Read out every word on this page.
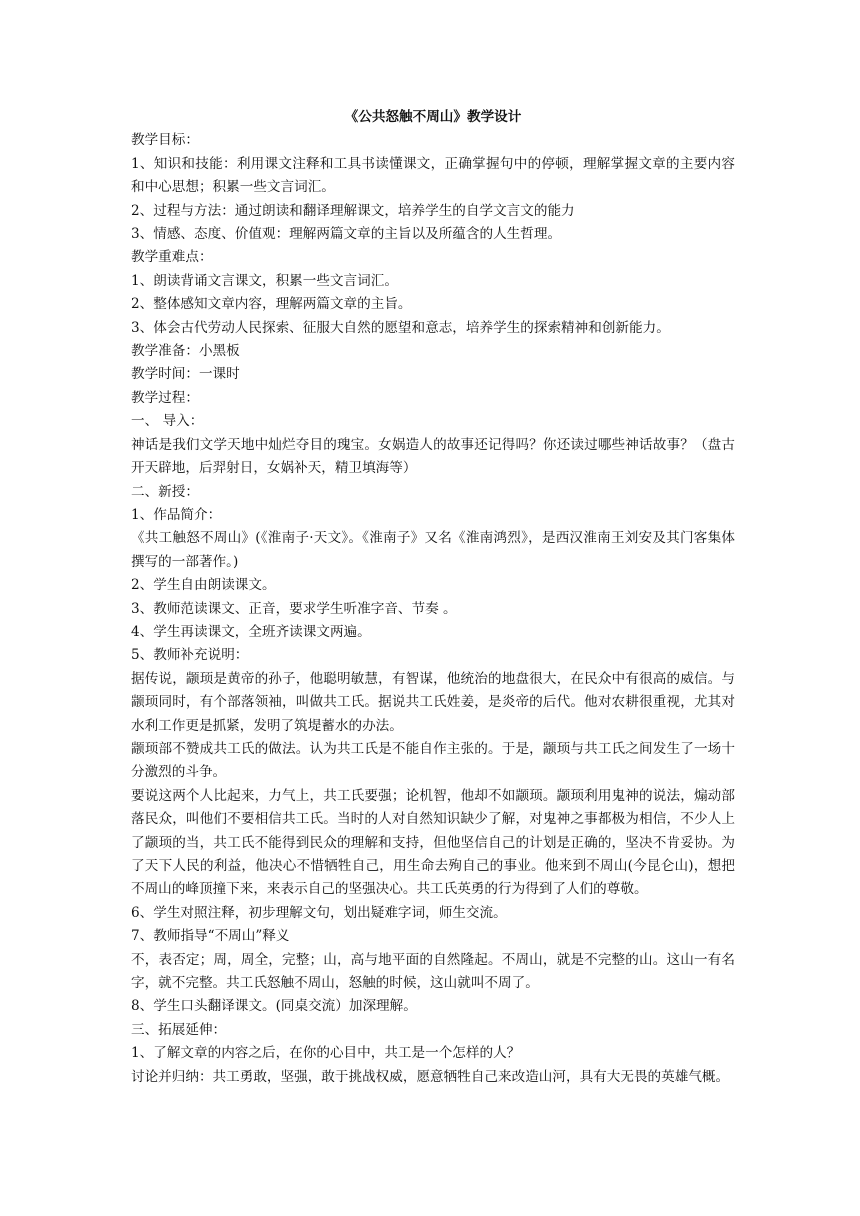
《公共怒触不周山》教学设计

教学目标：

1、知识和技能：利用课文注释和工具书读懂课文，正确掌握句中的停顿，理解掌握文章的主要内容和中心思想；积累一些文言词汇。

2、过程与方法：通过朗读和翻译理解课文，培养学生的自学文言文的能力

3、情感、态度、价值观：理解两篇文章的主旨以及所蕴含的人生哲理。

教学重难点：

1、朗读背诵文言课文，积累一些文言词汇。

2、整体感知文章内容，理解两篇文章的主旨。

3、体会古代劳动人民探索、征服大自然的愿望和意志，培养学生的探索精神和创新能力。

教学准备：小黑板

教学时间：一课时

教学过程：

一、 导入：

神话是我们文学天地中灿烂夺目的瑰宝。女娲造人的故事还记得吗？你还读过哪些神话故事？（盘古开天辟地，后羿射日，女娲补天，精卫填海等）

二、新授：

1、作品简介：

《共工触怒不周山》(《淮南子·天文》。《淮南子》又名《淮南鸿烈》，是西汉淮南王刘安及其门客集体撰写的一部著作。)

2、学生自由朗读课文。

3、教师范读课文、正音，要求学生听准字音、节奏 。

4、学生再读课文，全班齐读课文两遍。

5、教师补充说明：

据传说，颛顼是黄帝的孙子，他聪明敏慧，有智谋，他统治的地盘很大，在民众中有很高的威信。与颛顼同时，有个部落领袖，叫做共工氏。据说共工氏姓姜，是炎帝的后代。他对农耕很重视，尤其对水利工作更是抓紧，发明了筑堤蓄水的办法。

颛顼部不赞成共工氏的做法。认为共工氏是不能自作主张的。于是，颛顼与共工氏之间发生了一场十分激烈的斗争。

要说这两个人比起来，力气上，共工氏要强；论机智，他却不如颛顼。颛顼利用鬼神的说法，煽动部落民众，叫他们不要相信共工氏。当时的人对自然知识缺少了解，对鬼神之事都极为相信，不少人上了颛顼的当，共工氏不能得到民众的理解和支持，但他坚信自己的计划是正确的，坚决不肯妥协。为了天下人民的利益，他决心不惜牺牲自己，用生命去殉自己的事业。他来到不周山(今昆仑山)，想把不周山的峰顶撞下来，来表示自己的坚强决心。共工氏英勇的行为得到了人们的尊敬。

6、学生对照注释，初步理解文句，划出疑难字词，师生交流。

7、教师指导“不周山”释义

不，表否定；周，周全，完整；山，高与地平面的自然隆起。不周山，就是不完整的山。这山一有名字，就不完整。共工氏怒触不周山，怒触的时候，这山就叫不周了。

8、学生口头翻译课文。(同桌交流）加深理解。

三、拓展延伸：

1、了解文章的内容之后，在你的心目中，共工是一个怎样的人？

讨论并归纳：共工勇敢，坚强，敢于挑战权威，愿意牺牲自己来改造山河，具有大无畏的英雄气概。
